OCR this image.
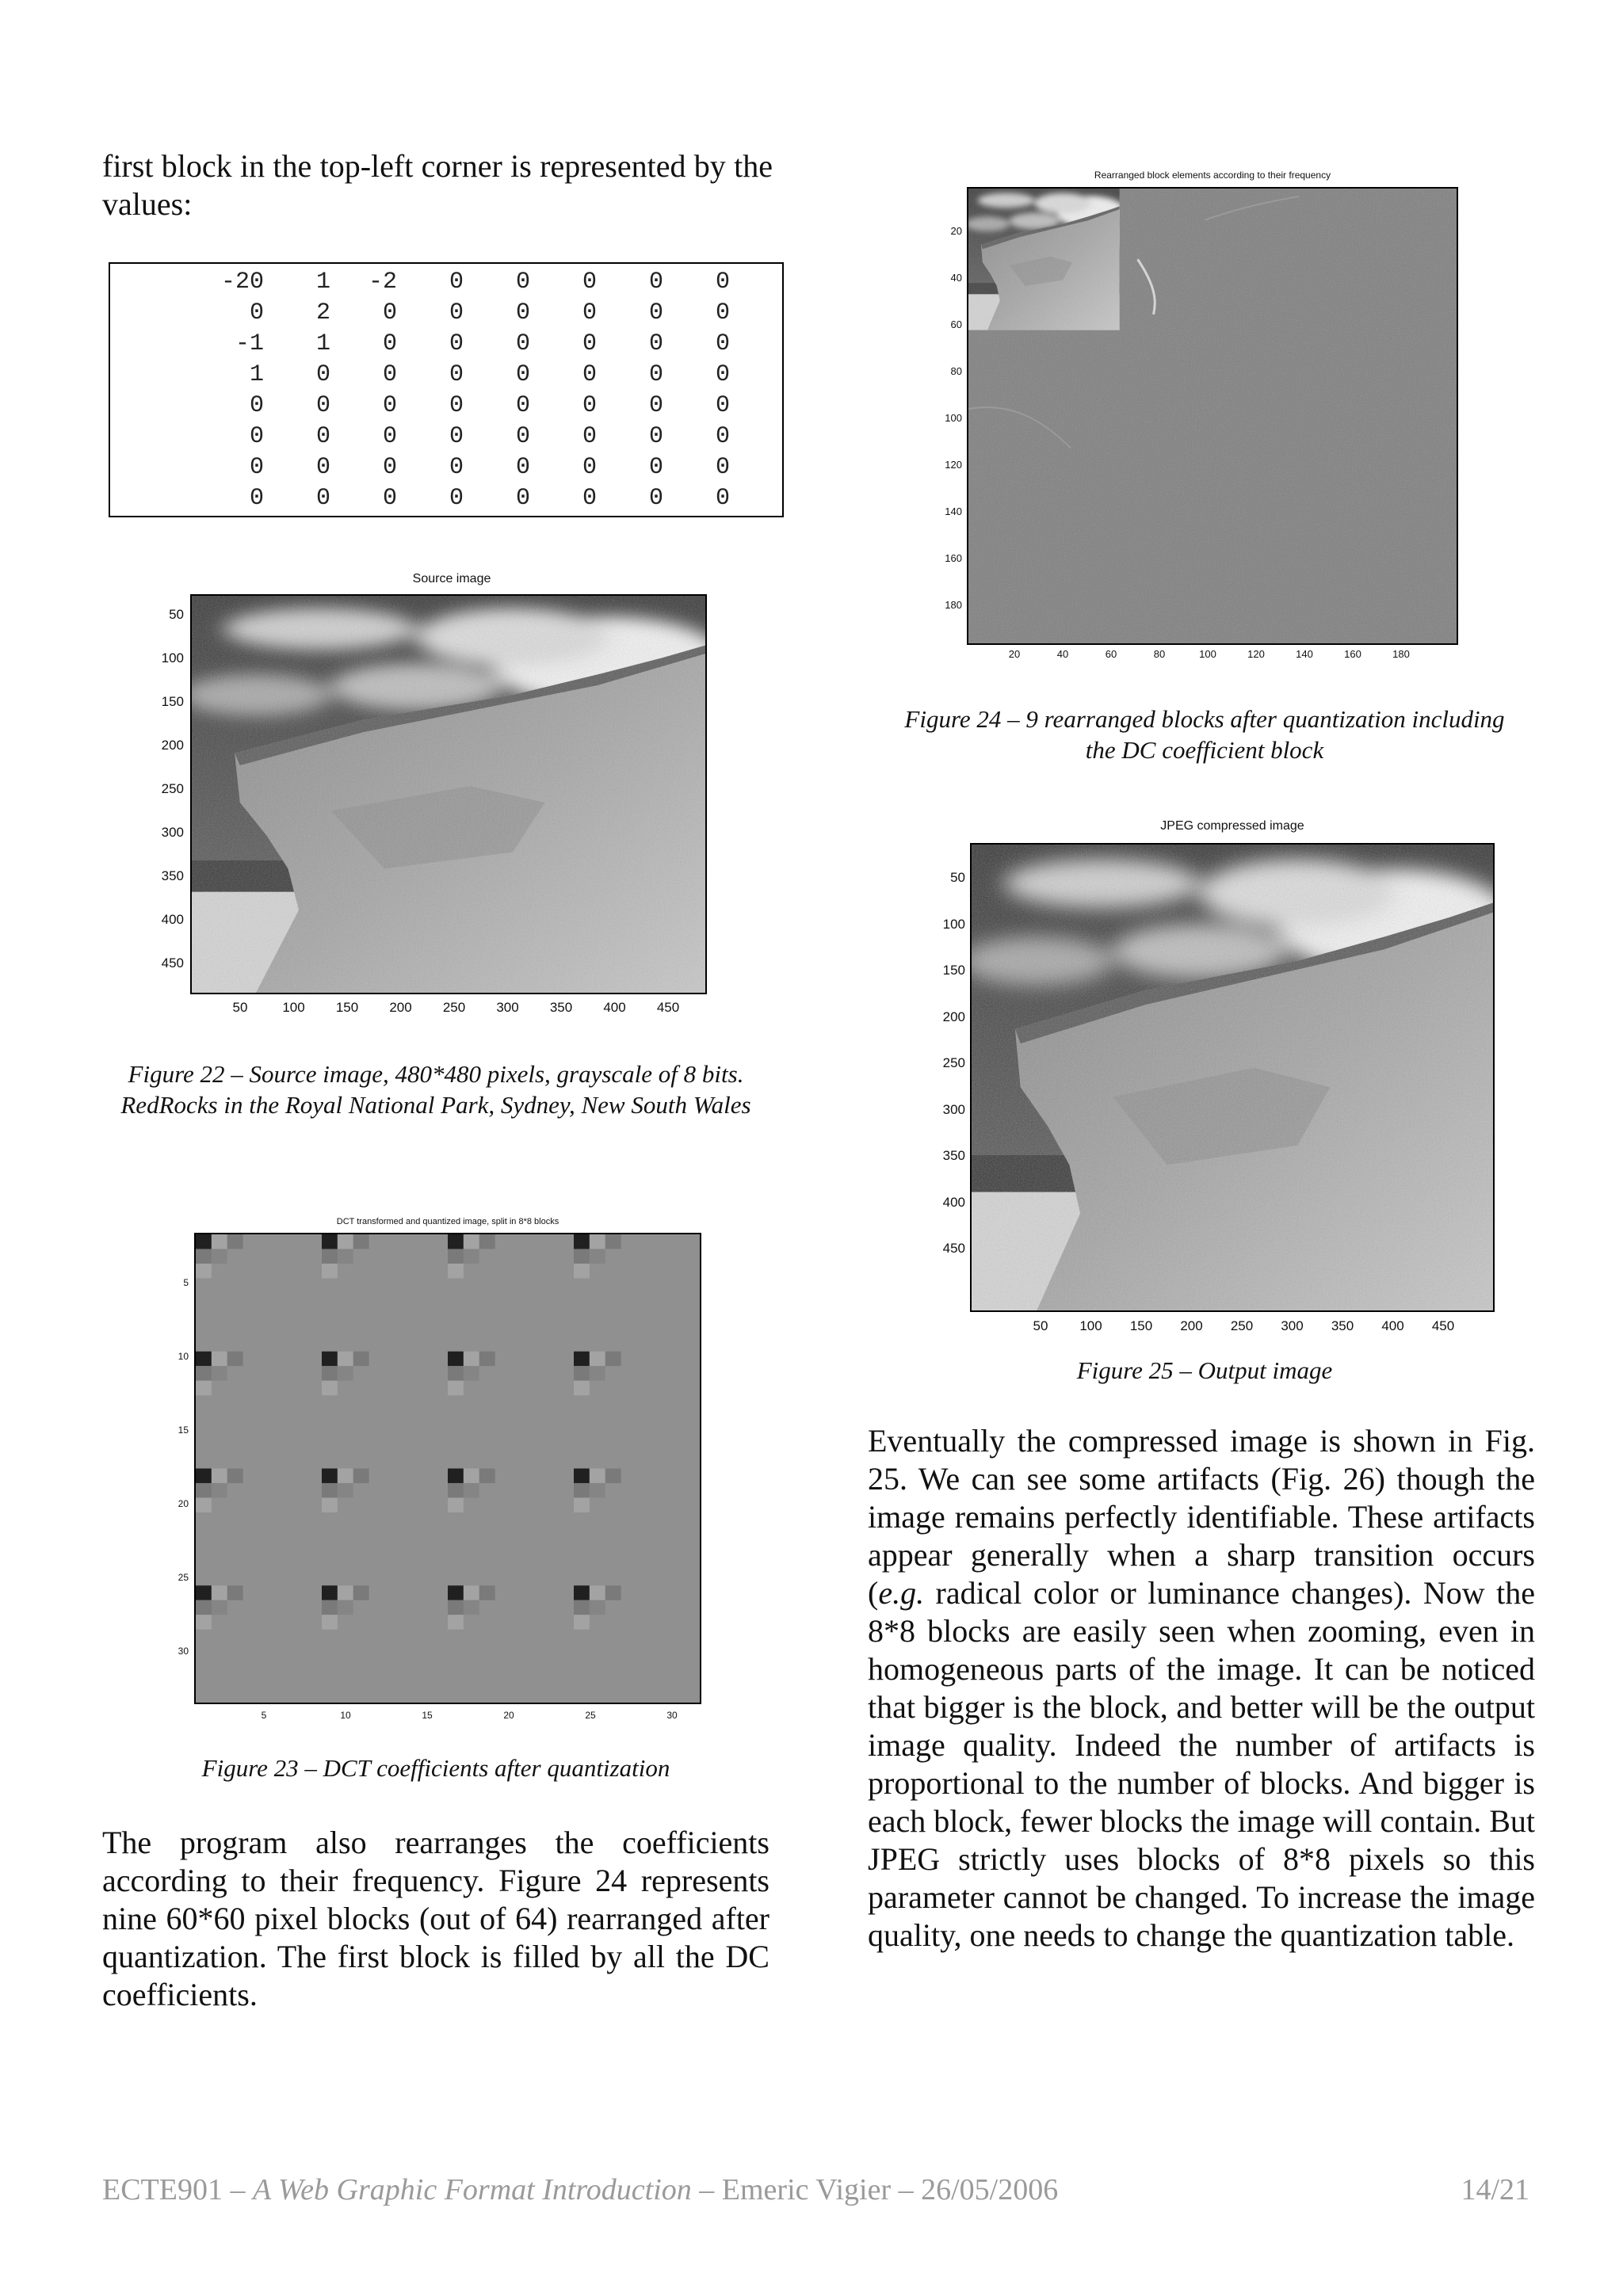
first block in the top-left corner is represented by the values:

-20	1	-2	0	0	0	0	0
0	2	0	0	0	0	0	0
-1	1	0	0	0	0	0	0
1	0	0	0	0	0	0	0
0	0	0	0	0	0	0	0
0	0	0	0	0	0	0	0
0	0	0	0	0	0	0	0
0	0	0	0	0	0	0	0
Source image
50
100
150
200
250
300
350
400
450
50	100	150	200	250	300	350	400	450

Figure 22 – Source image, 480*480 pixels, grayscale of 8 bits. RedRocks in the Royal National Park, Sydney, New South Wales

DCT transformed and quantized image, split in 8*8 blocks
5
10
15
20
25
30
5	10	15	20	25	30

Figure 23 – DCT coefficients after quantization

The program also rearranges the coefficients according to their frequency. Figure 24 represents nine 60*60 pixel blocks (out of 64) rearranged after quantization. The first block is filled by all the DC coefficients.

Rearranged block elements according to their frequency
20
40
60
80
100
120
140
160
180
20	40	60	80	100	120	140	160	180

Figure 24 – 9 rearranged blocks after quantization including the DC coefficient block

JPEG compressed image
50
100
150
200
250
300
350
400
450
50	100	150	200	250	300	350	400	450

Figure 25 – Output image

Eventually the compressed image is shown in Fig. 25. We can see some artifacts (Fig. 26) though the image remains perfectly identifiable. These artifacts appear generally when a sharp transition occurs (e.g. radical color or luminance changes). Now the 8*8 blocks are easily seen when zooming, even in homogeneous parts of the image. It can be noticed that bigger is the block, and better will be the output image quality. Indeed the number of artifacts is proportional to the number of blocks. And bigger is each block, fewer blocks the image will contain. But JPEG strictly uses blocks of 8*8 pixels so this parameter cannot be changed. To increase the image quality, one needs to change the quantization table.

ECTE901 – A Web Graphic Format Introduction – Emeric Vigier – 26/05/2006	14/21
